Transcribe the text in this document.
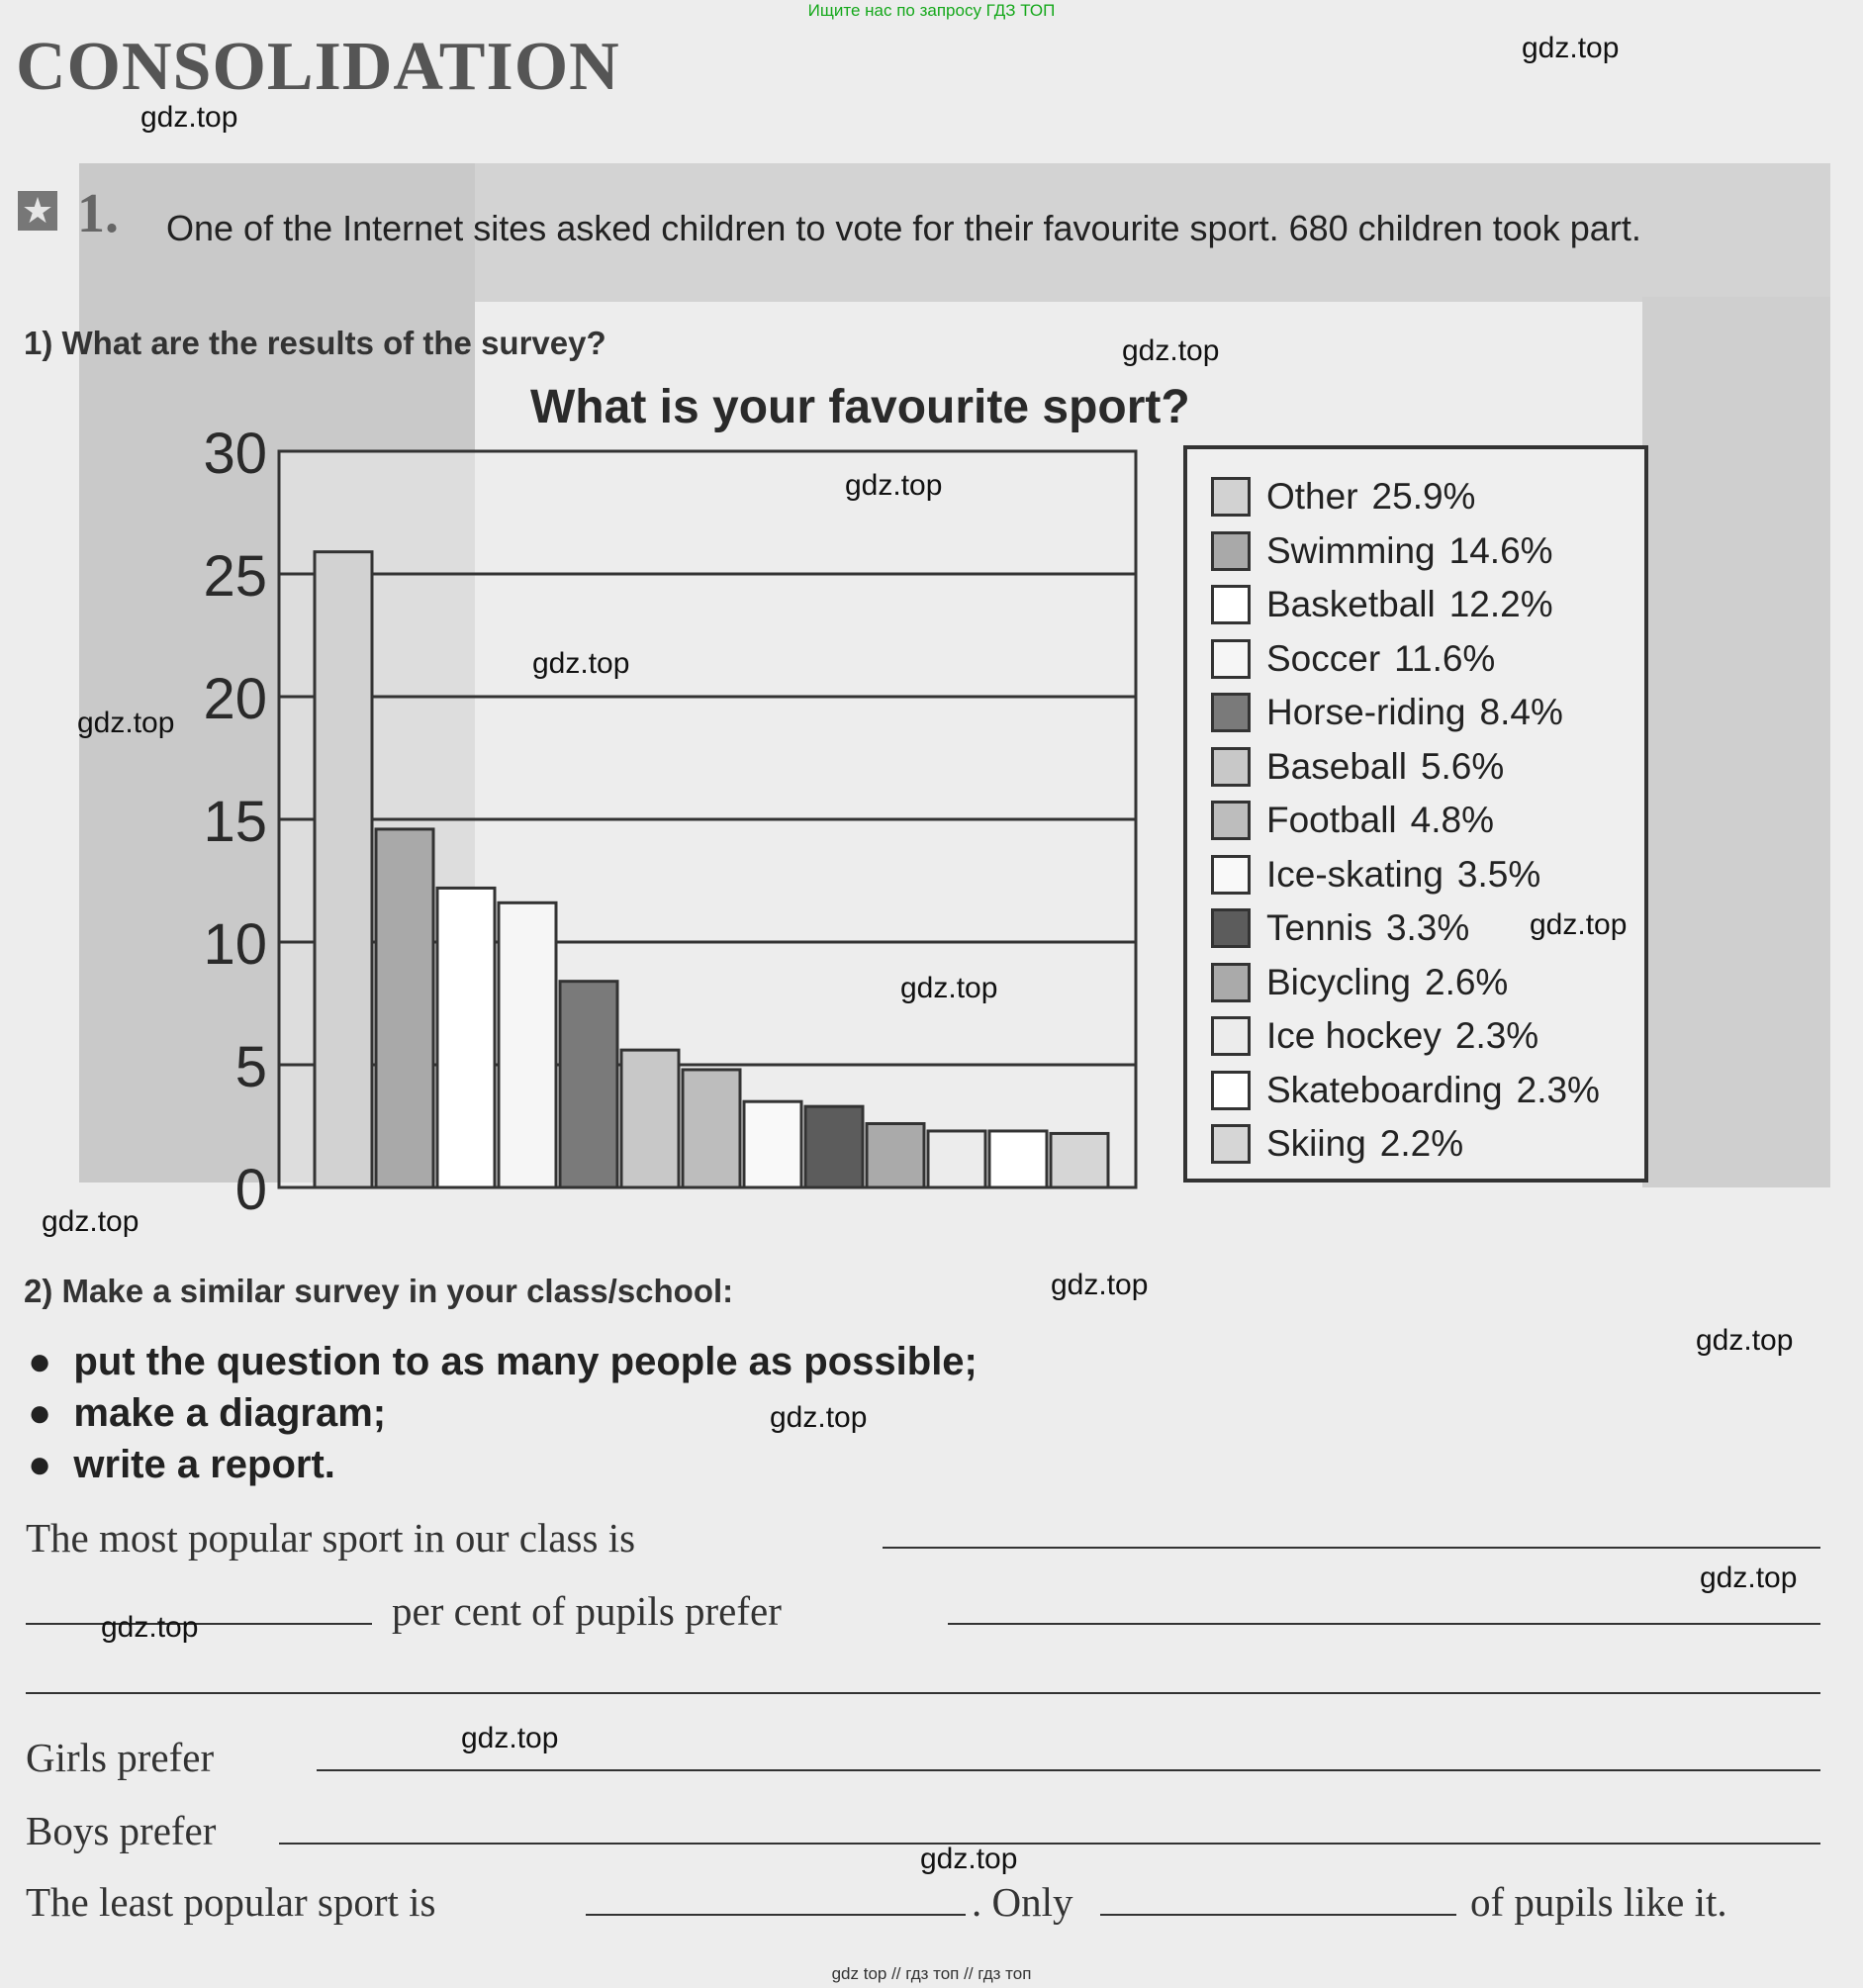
Ищите нас по запросу ГДЗ ТОП
CONSOLIDATION
★ 1.	One of the Internet sites asked children to vote for their favourite sport. 680 children took part.
1) What are the results of the survey?
What is your favourite sport?
0
5
10
15
20
25
30
Other 25.9%
Swimming 14.6%
Basketball 12.2%
Soccer 11.6%
Horse-riding 8.4%
Baseball 5.6%
Football 4.8%
Ice-skating 3.5%
Tennis 3.3%
Bicycling 2.6%
Ice hockey 2.3%
Skateboarding 2.3%
Skiing 2.2%
2) Make a similar survey in your class/school:
●  put the question to as many people as possible;
●  make a diagram;
●  write a report.
The most popular sport in our class is
per cent of pupils prefer
Girls prefer
Boys prefer
The least popular sport is	. Only	of pupils like it.
gdz.top
gdz.top
gdz.top
gdz.top
gdz.top
gdz.top
gdz.top
gdz.top
gdz.top
gdz.top
gdz.top
gdz.top
gdz.top
gdz.top
gdz.top
gdz.top
gdz top // гдз топ // гдз топ
